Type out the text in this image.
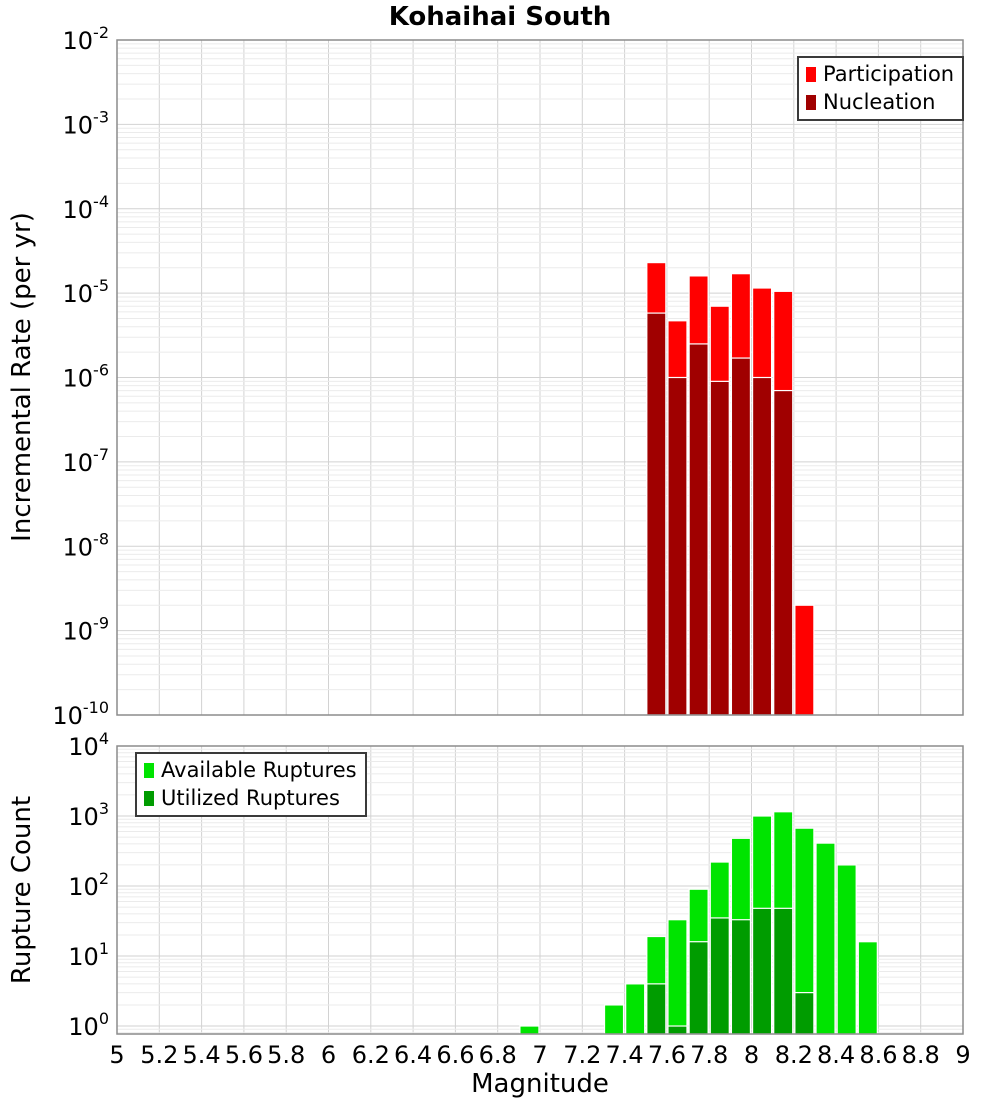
Kohaihai South
$10^{-2}$
$10^{-3}$
$10^{-4}$
$10^{-5}$
$10^{-6}$
$10^{-7}$
$10^{-8}$
$10^{-9}$
$10^{-10}$
$10^4$
$10^3$
$10^2$
$10^1$
$10^0$
5 5.2 5.4 5.6 5.8 6 6.2 6.4 6.6 6.8 7 7.2 7.4 7.6 7.8 8 8.2 8.4 8.6 8.8 9
Incremental Rate (per yr)
Rupture Count
Magnitude
Participation
Nucleation
Available Ruptures
Utilized Ruptures
